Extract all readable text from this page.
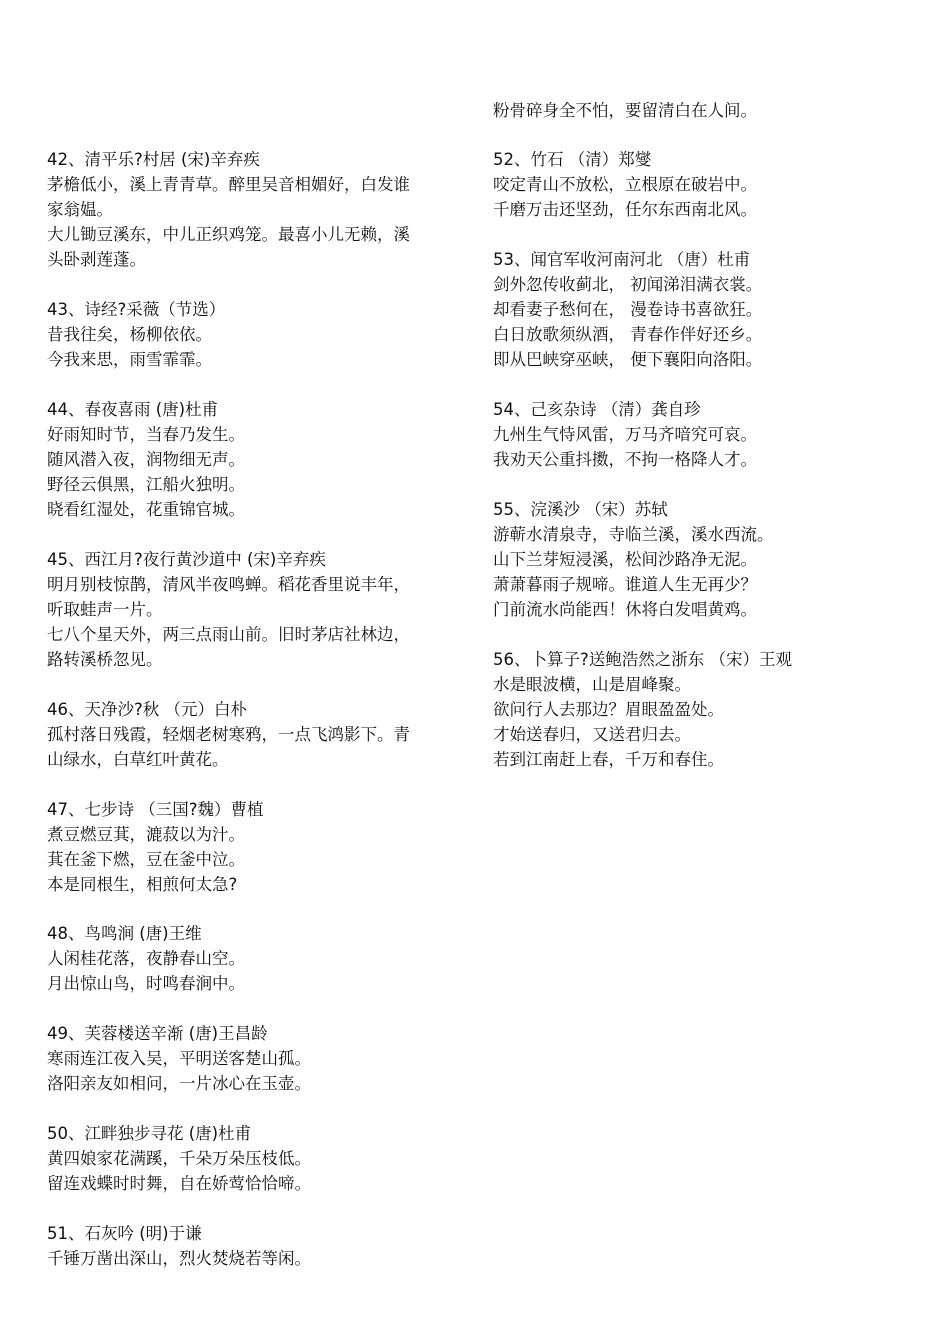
42、清平乐?村居 (宋)辛弃疾
茅檐低小，溪上青青草。醉里吴音相媚好，白发谁
家翁媪。
大儿锄豆溪东，中儿正织鸡笼。最喜小儿无赖，溪
头卧剥莲蓬。
43、诗经?采薇（节选）
昔我往矣，杨柳依依。
今我来思，雨雪霏霏。
44、春夜喜雨 (唐)杜甫
好雨知时节，当春乃发生。
随风潜入夜，润物细无声。
野径云俱黑，江船火独明。
晓看红湿处，花重锦官城。
45、西江月?夜行黄沙道中 (宋)辛弃疾
明月别枝惊鹊，清风半夜鸣蝉。稻花香里说丰年，
听取蛙声一片。
七八个星天外，两三点雨山前。旧时茅店社林边，
路转溪桥忽见。
46、天净沙?秋 （元）白朴
孤村落日残霞，轻烟老树寒鸦，一点飞鸿影下。青
山绿水，白草红叶黄花。
47、七步诗 （三国?魏）曹植
煮豆燃豆萁，漉菽以为汁。
萁在釜下燃，豆在釜中泣。
本是同根生，相煎何太急?
48、鸟鸣涧 (唐)王维
人闲桂花落，夜静春山空。
月出惊山鸟，时鸣春涧中。
49、芙蓉楼送辛渐 (唐)王昌龄
寒雨连江夜入吴，平明送客楚山孤。
洛阳亲友如相问，一片冰心在玉壶。
50、江畔独步寻花 (唐)杜甫
黄四娘家花满蹊，千朵万朵压枝低。
留连戏蝶时时舞，自在娇莺恰恰啼。
51、石灰吟 (明)于谦
千锤万凿出深山，烈火焚烧若等闲。
粉骨碎身全不怕，要留清白在人间。
52、竹石 （清）郑燮
咬定青山不放松，立根原在破岩中。
千磨万击还坚劲，任尔东西南北风。
53、闻官军收河南河北 （唐）杜甫
剑外忽传收蓟北， 初闻涕泪满衣裳。
却看妻子愁何在， 漫卷诗书喜欲狂。
白日放歌须纵酒， 青春作伴好还乡。
即从巴峡穿巫峡， 便下襄阳向洛阳。
54、己亥杂诗 （清）龚自珍
九州生气恃风雷，万马齐喑究可哀。
我劝天公重抖擞，不拘一格降人才。
55、浣溪沙 （宋）苏轼
游蕲水清泉寺，寺临兰溪，溪水西流。
山下兰芽短浸溪，松间沙路净无泥。
萧萧暮雨子规啼。谁道人生无再少？
门前流水尚能西！休将白发唱黄鸡。
56、卜算子?送鲍浩然之浙东 （宋）王观
水是眼波横，山是眉峰聚。
欲问行人去那边？眉眼盈盈处。
才始送春归，又送君归去。
若到江南赶上春，千万和春住。
